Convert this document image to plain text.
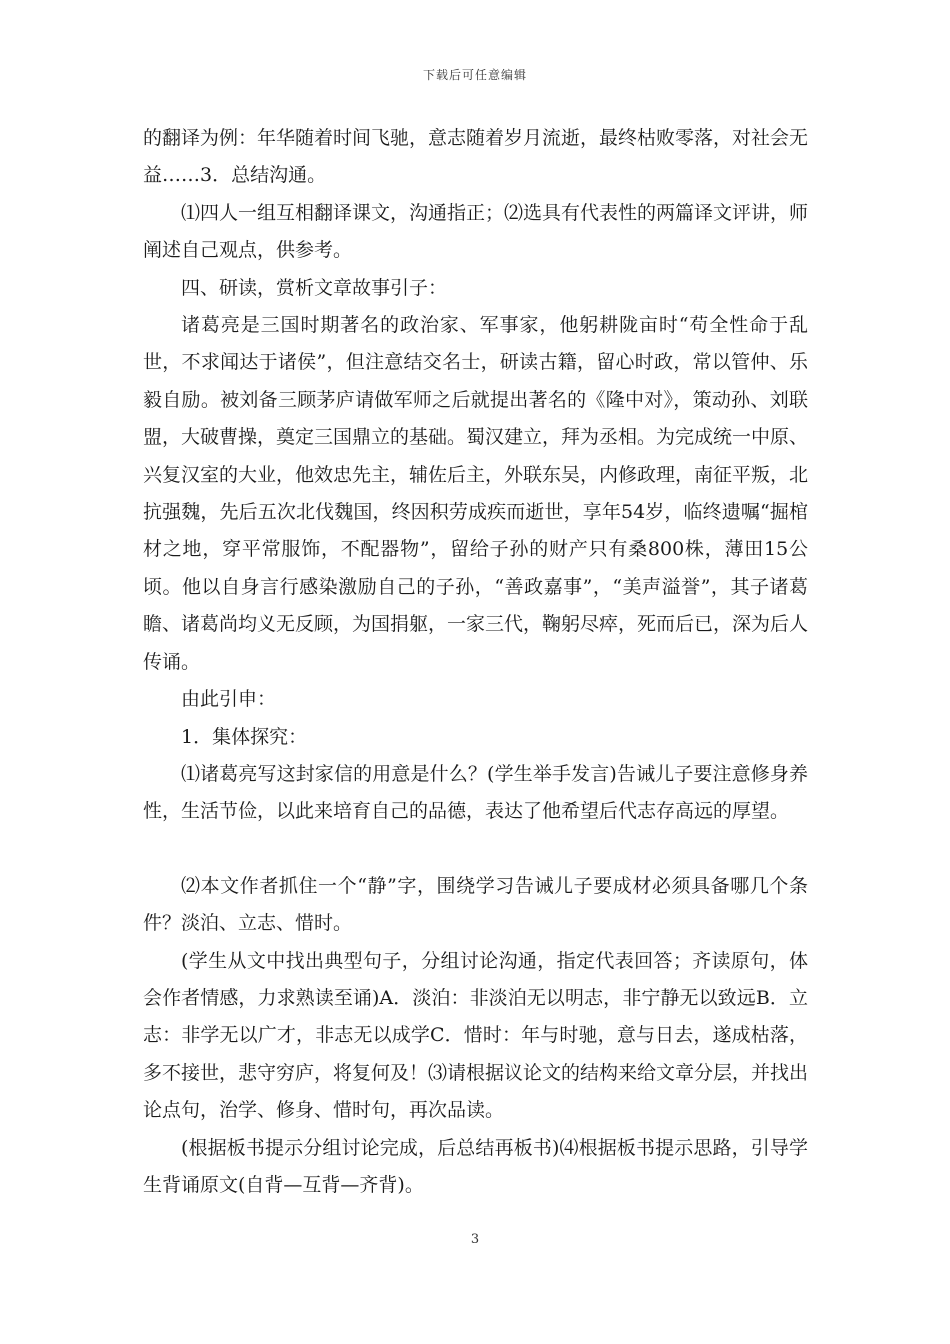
下载后可任意编辑

的翻译为例：年华随着时间飞驰，意志随着岁月流逝，最终枯败零落，对社会无益……3．总结沟通。

⑴四人一组互相翻译课文，沟通指正；⑵选具有代表性的两篇译文评讲，师阐述自己观点，供参考。

四、研读，赏析文章故事引子：

诸葛亮是三国时期著名的政治家、军事家，他躬耕陇亩时“苟全性命于乱世，不求闻达于诸侯”，但注意结交名士，研读古籍，留心时政，常以管仲、乐毅自励。被刘备三顾茅庐请做军师之后就提出著名的《隆中对》，策动孙、刘联盟，大破曹操，奠定三国鼎立的基础。蜀汉建立，拜为丞相。为完成统一中原、兴复汉室的大业，他效忠先主，辅佐后主，外联东吴，内修政理，南征平叛，北抗强魏，先后五次北伐魏国，终因积劳成疾而逝世，享年54岁，临终遗嘱“掘棺材之地，穿平常服饰，不配器物”，留给子孙的财产只有桑800株，薄田15公顷。他以自身言行感染激励自己的子孙，“善政嘉事”，“美声溢誉”，其子诸葛瞻、诸葛尚均义无反顾，为国捐躯，一家三代，鞠躬尽瘁，死而后已，深为后人传诵。

由此引申：

1．集体探究：

⑴诸葛亮写这封家信的用意是什么？(学生举手发言)告诫儿子要注意修身养性，生活节俭，以此来培育自己的品德，表达了他希望后代志存高远的厚望。

⑵本文作者抓住一个“静”字，围绕学习告诫儿子要成材必须具备哪几个条件？淡泊、立志、惜时。

(学生从文中找出典型句子，分组讨论沟通，指定代表回答；齐读原句，体会作者情感，力求熟读至诵)A．淡泊：非淡泊无以明志，非宁静无以致远B．立志：非学无以广才，非志无以成学C．惜时：年与时驰，意与日去，遂成枯落，多不接世，悲守穷庐，将复何及！⑶请根据议论文的结构来给文章分层，并找出论点句，治学、修身、惜时句，再次品读。

(根据板书提示分组讨论完成，后总结再板书)⑷根据板书提示思路，引导学生背诵原文(自背—互背—齐背)。

3
